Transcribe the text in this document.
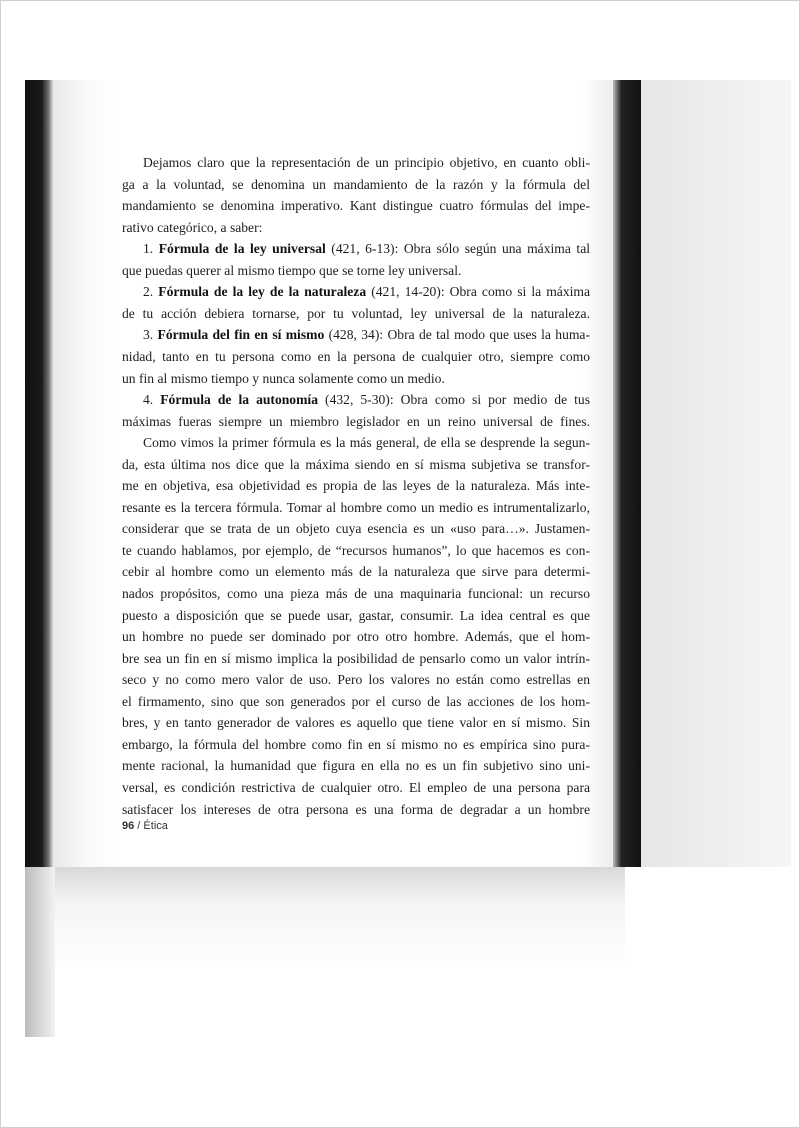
Dejamos claro que la representación de un principio objetivo, en cuanto obli-
ga a la voluntad, se denomina un mandamiento de la razón y la fórmula del
mandamiento se denomina imperativo. Kant distingue cuatro fórmulas del impe-
rativo categórico, a saber:
1. Fórmula de la ley universal (421, 6-13): Obra sólo según una máxima tal
que puedas querer al mismo tiempo que se torne ley universal.
2. Fórmula de la ley de la naturaleza (421, 14-20): Obra como si la máxima
de tu acción debiera tornarse, por tu voluntad, ley universal de la naturaleza.
3. Fórmula del fin en sí mismo (428, 34): Obra de tal modo que uses la huma-
nidad, tanto en tu persona como en la persona de cualquier otro, siempre como
un fin al mismo tiempo y nunca solamente como un medio.
4. Fórmula de la autonomía (432, 5-30): Obra como si por medio de tus
máximas fueras siempre un miembro legislador en un reino universal de fines.
Como vimos la primer fórmula es la más general, de ella se desprende la segun-
da, esta última nos dice que la máxima siendo en sí misma subjetiva se transfor-
me en objetiva, esa objetividad es propia de las leyes de la naturaleza. Más inte-
resante es la tercera fórmula. Tomar al hombre como un medio es intrumentalizarlo,
considerar que se trata de un objeto cuya esencia es un «uso para…». Justamen-
te cuando hablamos, por ejemplo, de “recursos humanos”, lo que hacemos es con-
cebir al hombre como un elemento más de la naturaleza que sirve para determi-
nados propósitos, como una pieza más de una maquinaria funcional: un recurso
puesto a disposición que se puede usar, gastar, consumir. La idea central es que
un hombre no puede ser dominado por otro otro hombre. Además, que el hom-
bre sea un fin en sí mismo implica la posibilidad de pensarlo como un valor intrín-
seco y no como mero valor de uso. Pero los valores no están como estrellas en
el firmamento, sino que son generados por el curso de las acciones de los hom-
bres, y en tanto generador de valores es aquello que tiene valor en sí mismo. Sin
embargo, la fórmula del hombre como fin en sí mismo no es empírica sino pura-
mente racional, la humanidad que figura en ella no es un fin subjetivo sino uni-
versal, es condición restrictiva de cualquier otro. El empleo de una persona para
satisfacer los intereses de otra persona es una forma de degradar a un hombre
96 / Ética
